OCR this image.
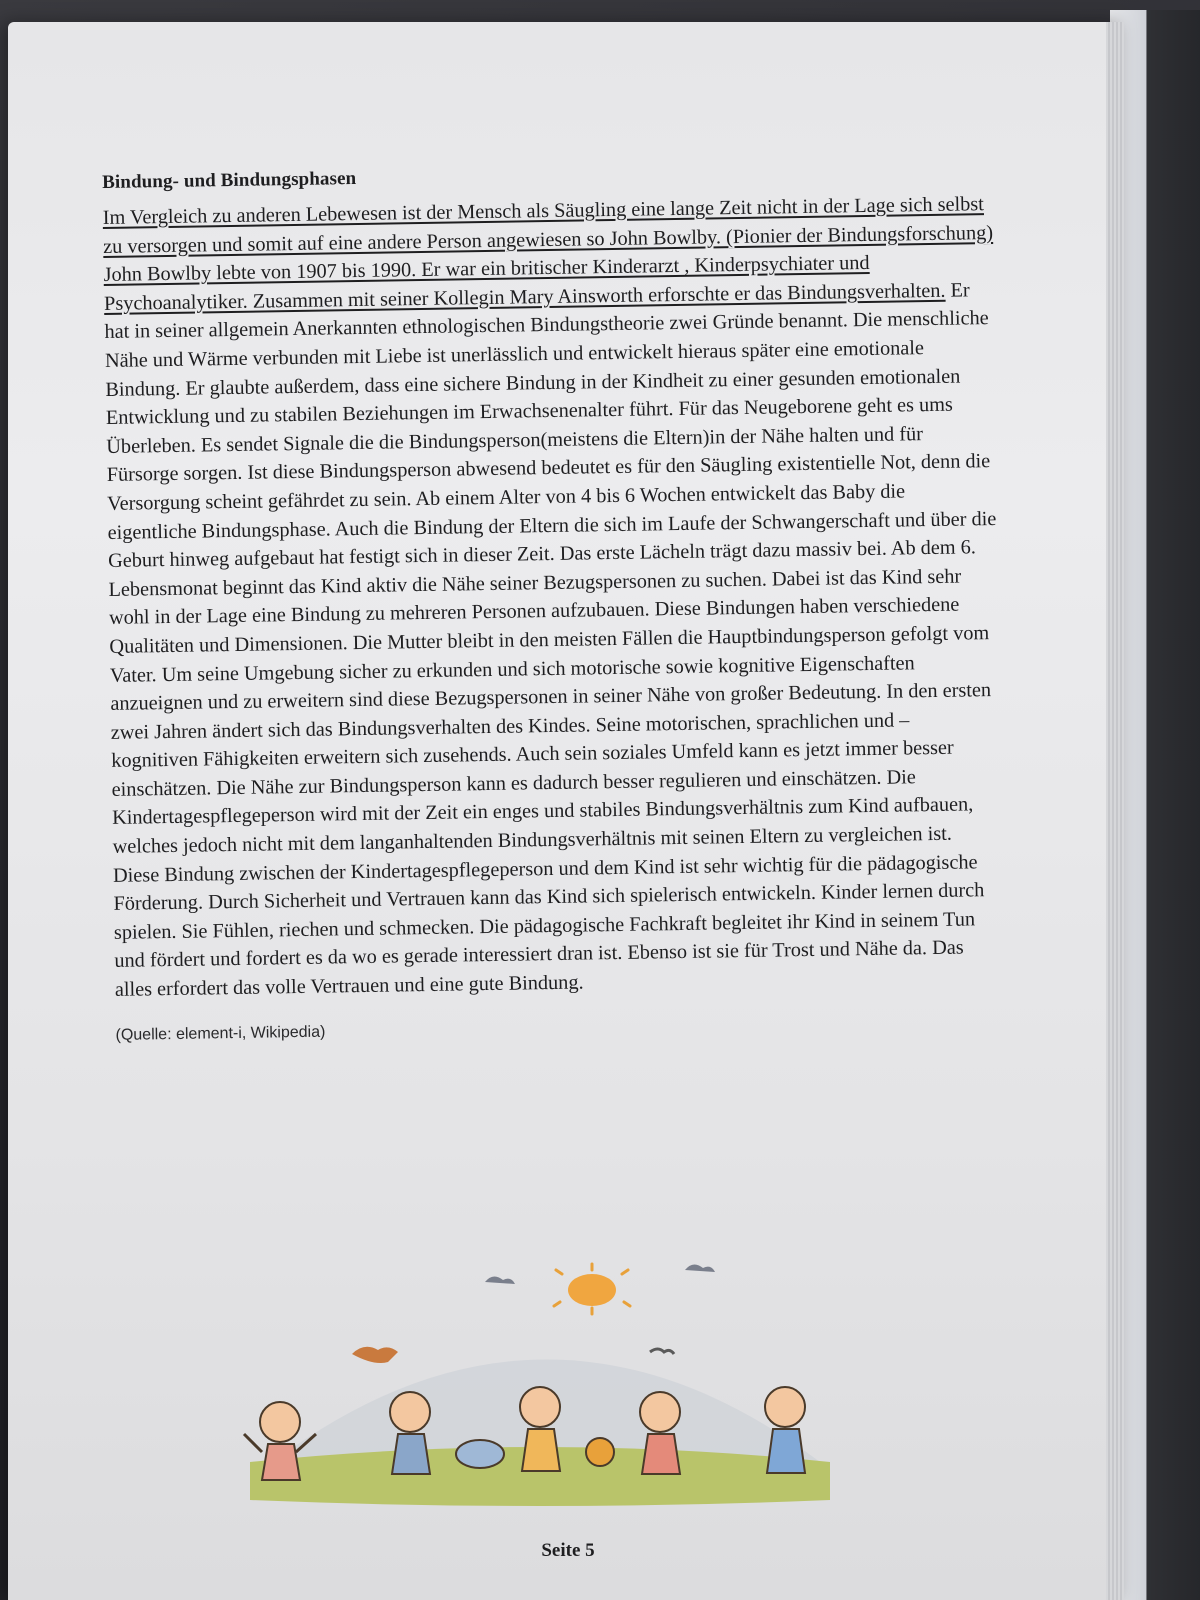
Bindung- und Bindungsphasen

Im Vergleich zu anderen Lebewesen ist der Mensch als Säugling eine lange Zeit nicht in der Lage sich selbst zu versorgen und somit auf eine andere Person angewiesen so John Bowlby. (Pionier der Bindungsforschung) John Bowlby lebte von 1907 bis 1990. Er war ein britischer Kinderarzt , Kinderpsychiater und Psychoanalytiker. Zusammen mit seiner Kollegin Mary Ainsworth erforschte er das Bindungsverhalten. Er hat in seiner allgemein Anerkannten ethnologischen Bindungstheorie zwei Gründe benannt. Die menschliche Nähe und Wärme verbunden mit Liebe ist unerlässlich und entwickelt hieraus später eine emotionale Bindung. Er glaubte außerdem, dass eine sichere Bindung in der Kindheit zu einer gesunden emotionalen Entwicklung und zu stabilen Beziehungen im Erwachsenenalter führt. Für das Neugeborene geht es ums Überleben. Es sendet Signale die die Bindungsperson(meistens die Eltern)in der Nähe halten und für Fürsorge sorgen. Ist diese Bindungsperson abwesend bedeutet es für den Säugling existentielle Not, denn die Versorgung scheint gefährdet zu sein. Ab einem Alter von 4 bis 6 Wochen entwickelt das Baby die eigentliche Bindungsphase. Auch die Bindung der Eltern die sich im Laufe der Schwangerschaft und über die Geburt hinweg aufgebaut hat festigt sich in dieser Zeit. Das erste Lächeln trägt dazu massiv bei. Ab dem 6. Lebensmonat beginnt das Kind aktiv die Nähe seiner Bezugspersonen zu suchen. Dabei ist das Kind sehr wohl in der Lage eine Bindung zu mehreren Personen aufzubauen. Diese Bindungen haben verschiedene Qualitäten und Dimensionen. Die Mutter bleibt in den meisten Fällen die Hauptbindungsperson gefolgt vom Vater. Um seine Umgebung sicher zu erkunden und sich motorische sowie kognitive Eigenschaften anzueignen und zu erweitern sind diese Bezugspersonen in seiner Nähe von großer Bedeutung. In den ersten zwei Jahren ändert sich das Bindungsverhalten des Kindes. Seine motorischen, sprachlichen und – kognitiven Fähigkeiten erweitern sich zusehends. Auch sein soziales Umfeld kann es jetzt immer besser einschätzen. Die Nähe zur Bindungsperson kann es dadurch besser regulieren und einschätzen. Die Kindertagespflegeperson wird mit der Zeit ein enges und stabiles Bindungsverhältnis zum Kind aufbauen, welches jedoch nicht mit dem langanhaltenden Bindungsverhältnis mit seinen Eltern zu vergleichen ist. Diese Bindung zwischen der Kindertagespflegeperson und dem Kind ist sehr wichtig für die pädagogische Förderung. Durch Sicherheit und Vertrauen kann das Kind sich spielerisch entwickeln. Kinder lernen durch spielen. Sie Fühlen, riechen und schmecken. Die pädagogische Fachkraft begleitet ihr Kind in seinem Tun und fördert und fordert es da wo es gerade interessiert dran ist. Ebenso ist sie für Trost und Nähe da. Das alles erfordert das volle Vertrauen und eine gute Bindung.

(Quelle: element-i, Wikipedia)
Seite 5
